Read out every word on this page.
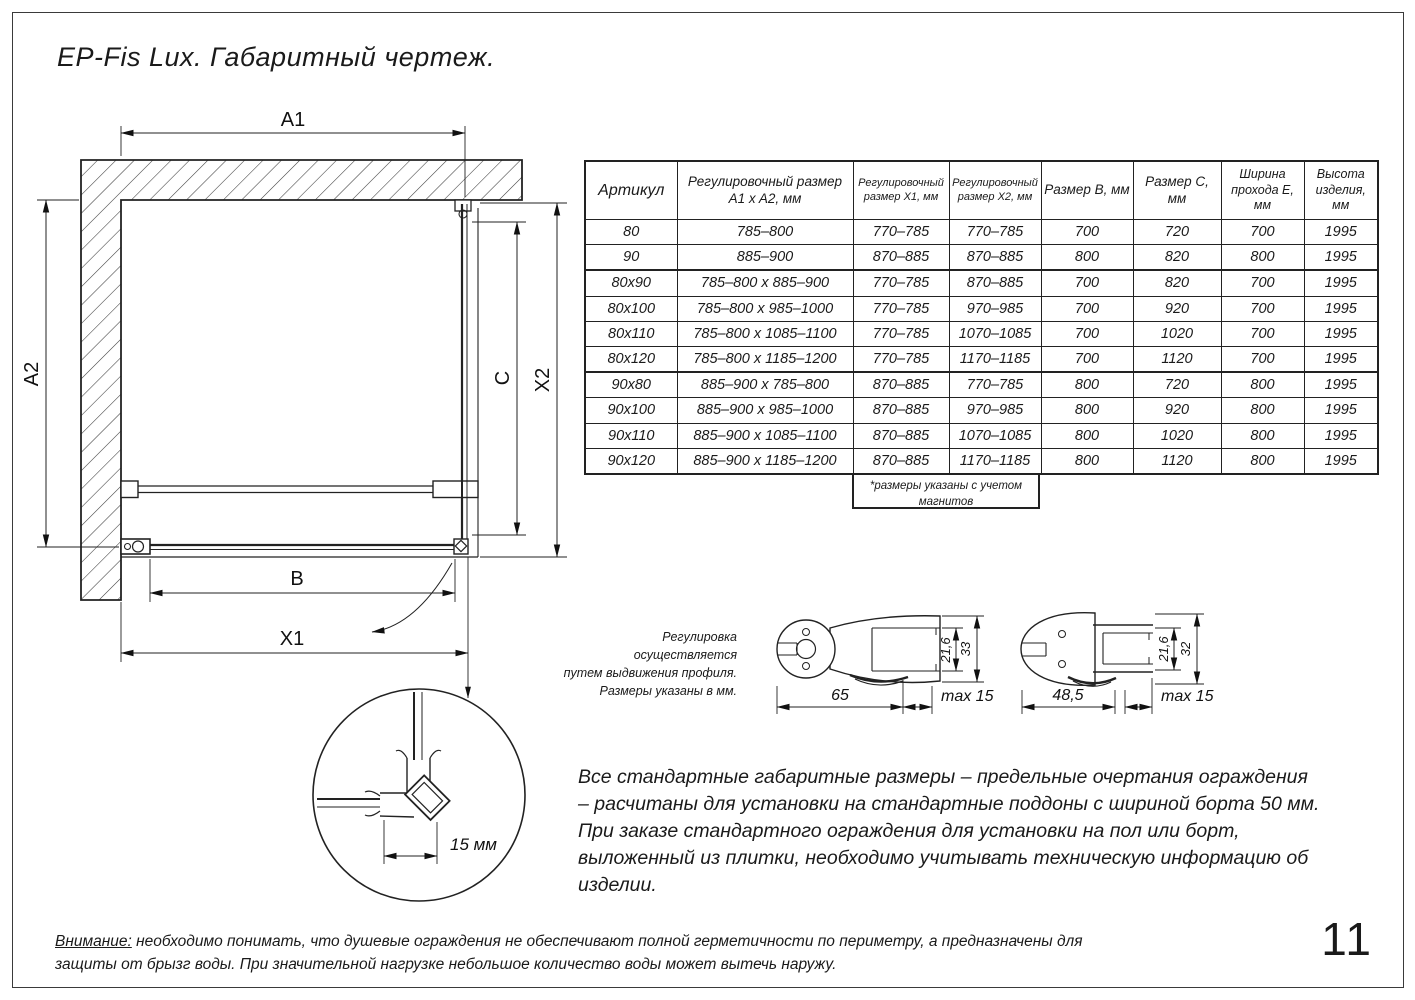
EP-Fis Lux. Габаритный чертеж.
A1
A2	X2
C
B
X1
15 мм
65	max 15
21,6 33
48,5	max 15
21,6 32
Артикул	Регулировочный размер A1 x A2, мм	Регулировочный размер X1, мм	Регулировочный размер X2, мм	Размер B, мм	Размер C, мм	Ширина прохода E, мм	Высота изделия, мм
80	785–800	770–785	770–785	700	720	700	1995
90	885–900	870–885	870–885	800	820	800	1995
80x90	785–800 x 885–900	770–785	870–885	700	820	700	1995
80x100	785–800 x 985–1000	770–785	970–985	700	920	700	1995
80x110	785–800 x 1085–1100	770–785	1070–1085	700	1020	700	1995
80x120	785–800 x 1185–1200	770–785	1170–1185	700	1120	700	1995
90x80	885–900 x 785–800	870–885	770–785	800	720	800	1995
90x100	885–900 x 985–1000	870–885	970–985	800	920	800	1995
90x110	885–900 x 1085–1100	870–885	1070–1085	800	1020	800	1995
90x120	885–900 x 1185–1200	870–885	1170–1185	800	1120	800	1995
*размеры указаны с учетом магнитов
Регулировка осуществляется
путем выдвижения профиля.
Размеры указаны в мм.
Все стандартные габаритные размеры – предельные очертания ограждения – расчитаны для установки на стандартные поддоны с шириной борта 50 мм. При заказе стандартного ограждения для установки на пол или борт, выложенный из плитки, необходимо учитывать техническую информацию об изделии.
Внимание: необходимо понимать, что душевые ограждения не обеспечивают полной герметичности по периметру, а предназначены для защиты от брызг воды. При значительной нагрузке небольшое количество воды может вытечь наружу.	11
